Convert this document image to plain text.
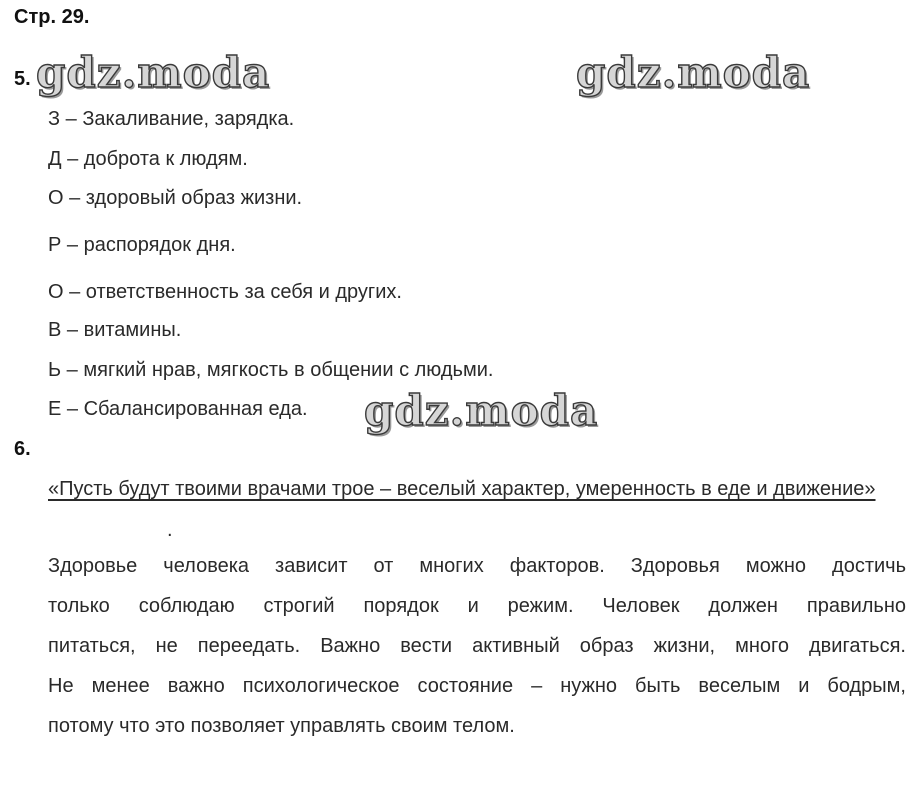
Стр. 29.
5. gdz.moda	gdz.moda
З – Закаливание, зарядка.
Д – доброта к людям.
О – здоровый образ жизни.
Р – распорядок дня.
О – ответственность за себя и других.
В – витамины.
Ь – мягкий нрав, мягкость в общении с людьми.
Е – Сбалансированная еда. gdz.moda
6.
«Пусть будут твоими врачами трое – веселый характер, умеренность в еде и движение»
.
Здоровье человека зависит от многих факторов. Здоровья можно достичь
только соблюдаю строгий порядок и режим. Человек должен правильно
питаться, не переедать. Важно вести активный образ жизни, много двигаться.
Не менее важно психологическое состояние – нужно быть веселым и бодрым,
потому что это позволяет управлять своим телом.
